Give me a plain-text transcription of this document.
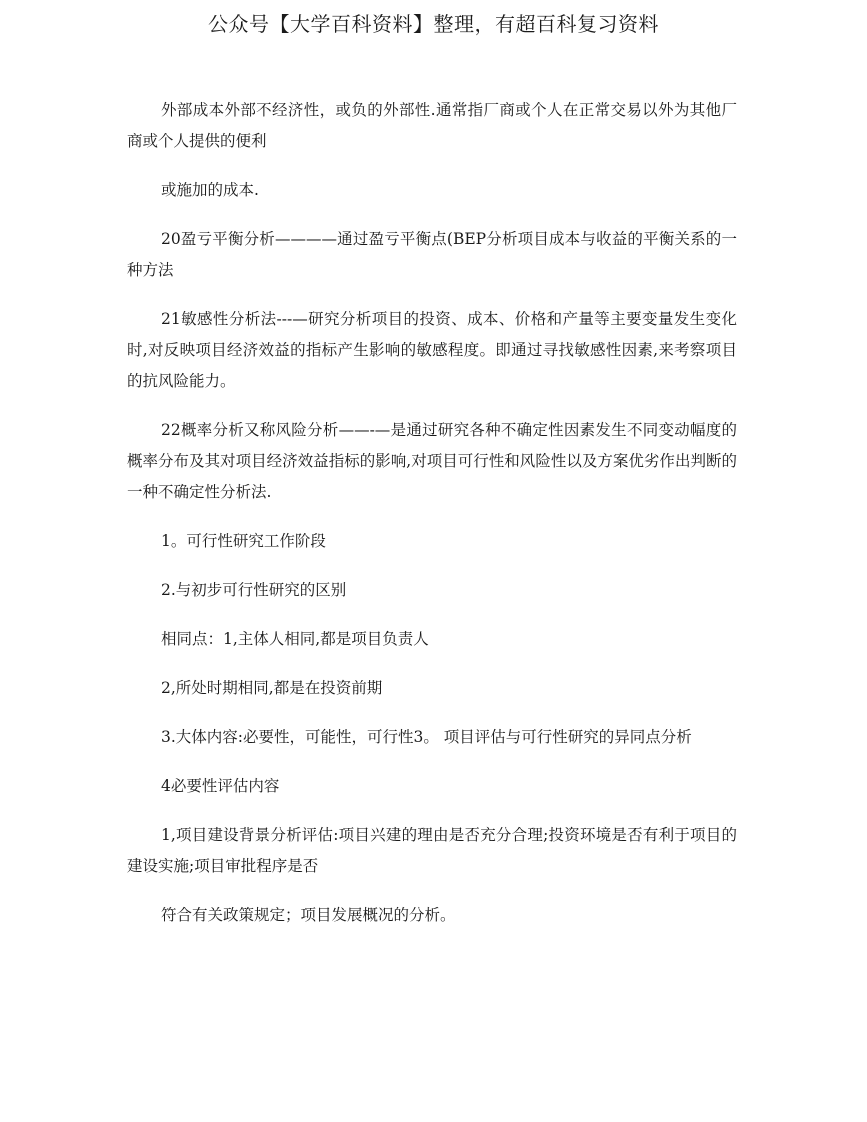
公众号【大学百科资料】整理，有超百科复习资料

外部成本外部不经济性，或负的外部性.通常指厂商或个人在正常交易以外为其他厂商或个人提供的便利

或施加的成本.

20盈亏平衡分析————通过盈亏平衡点(BEP分析项目成本与收益的平衡关系的一种方法

21敏感性分析法---—研究分析项目的投资、成本、价格和产量等主要变量发生变化时,对反映项目经济效益的指标产生影响的敏感程度。即通过寻找敏感性因素,来考察项目的抗风险能力。

22概率分析又称风险分析——-—是通过研究各种不确定性因素发生不同变动幅度的概率分布及其对项目经济效益指标的影响,对项目可行性和风险性以及方案优劣作出判断的一种不确定性分析法.

1。可行性研究工作阶段

2.与初步可行性研究的区别

相同点：1,主体人相同,都是项目负责人

2,所处时期相同,都是在投资前期

3.大体内容:必要性，可能性，可行性3。 项目评估与可行性研究的异同点分析

4必要性评估内容

1,项目建设背景分析评估:项目兴建的理由是否充分合理;投资环境是否有利于项目的建设实施;项目审批程序是否

符合有关政策规定；项目发展概况的分析。
